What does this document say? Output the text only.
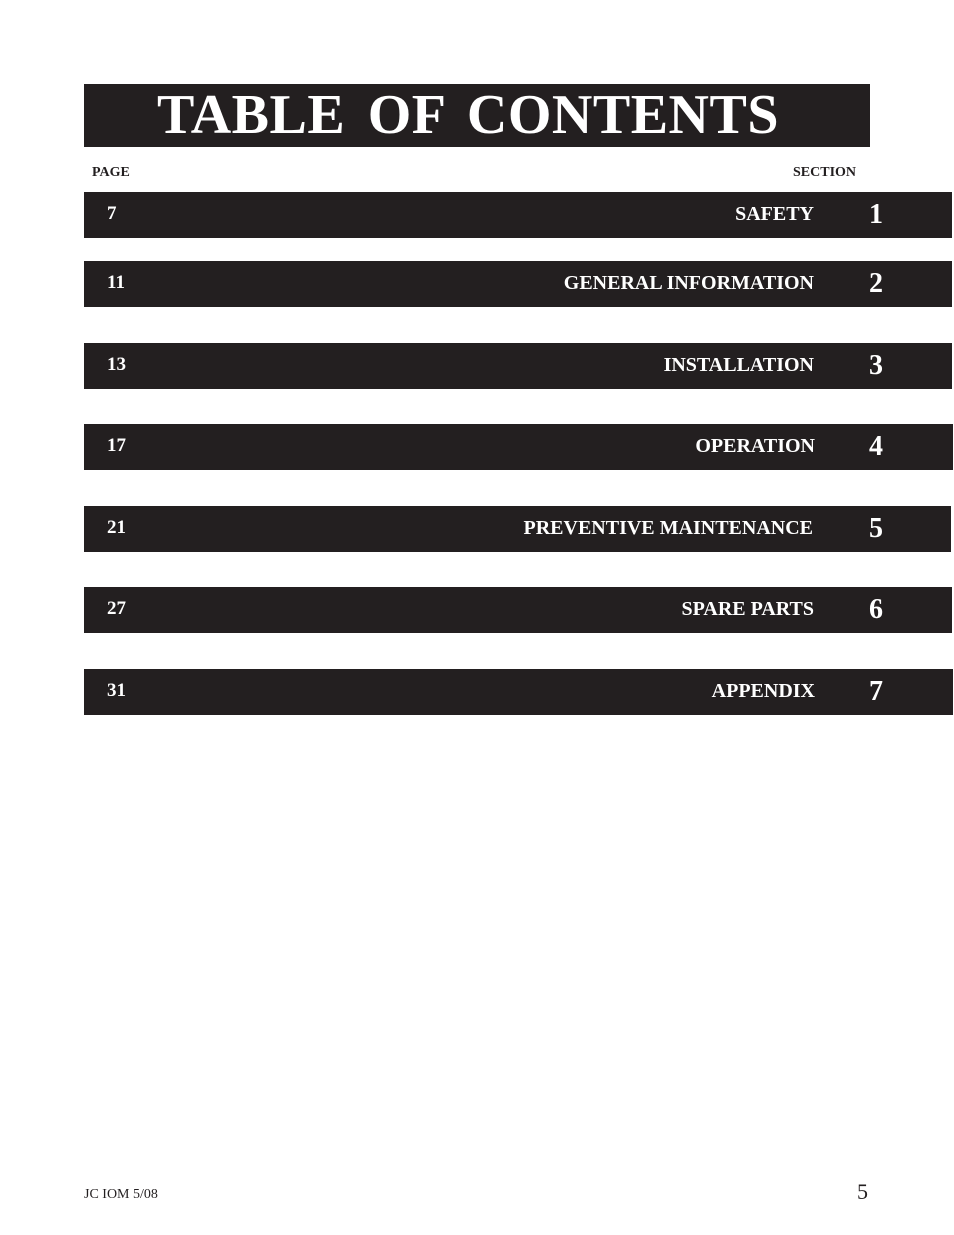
TABLE OF CONTENTS
PAGE	SECTION
7	SAFETY 1
11	GENERAL INFORMATION 2
13	INSTALLATION 3
17	OPERATION 4
21	PREVENTIVE MAINTENANCE 5
27	SPARE PARTS 6
31	APPENDIX 7
JC IOM 5/08	5
